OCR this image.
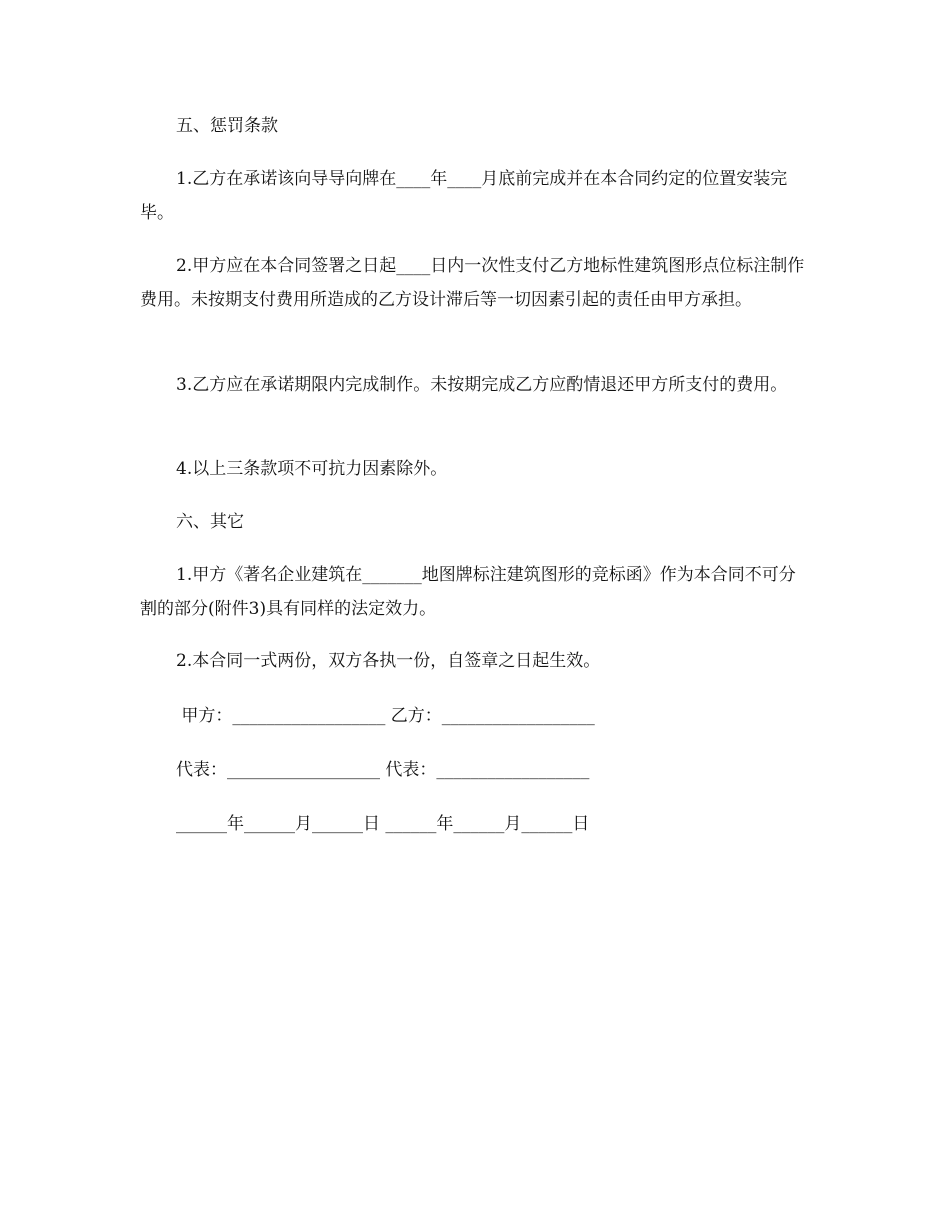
五、惩罚条款

1.乙方在承诺该向导导向牌在____年____月底前完成并在本合同约定的位置安装完毕。

2.甲方应在本合同签署之日起____日内一次性支付乙方地标性建筑图形点位标注制作费用。未按期支付费用所造成的乙方设计滞后等一切因素引起的责任由甲方承担。

3.乙方应在承诺期限内完成制作。未按期完成乙方应酌情退还甲方所支付的费用。

4.以上三条款项不可抗力因素除外。

六、其它

1.甲方《著名企业建筑在_______地图牌标注建筑图形的竞标函》作为本合同不可分割的部分(附件3)具有同样的法定效力。

2.本合同一式两份，双方各执一份，自签章之日起生效。

甲方：__________________ 乙方：__________________
代表：__________________ 代表：__________________
______年______月______日 ______年______月______日
